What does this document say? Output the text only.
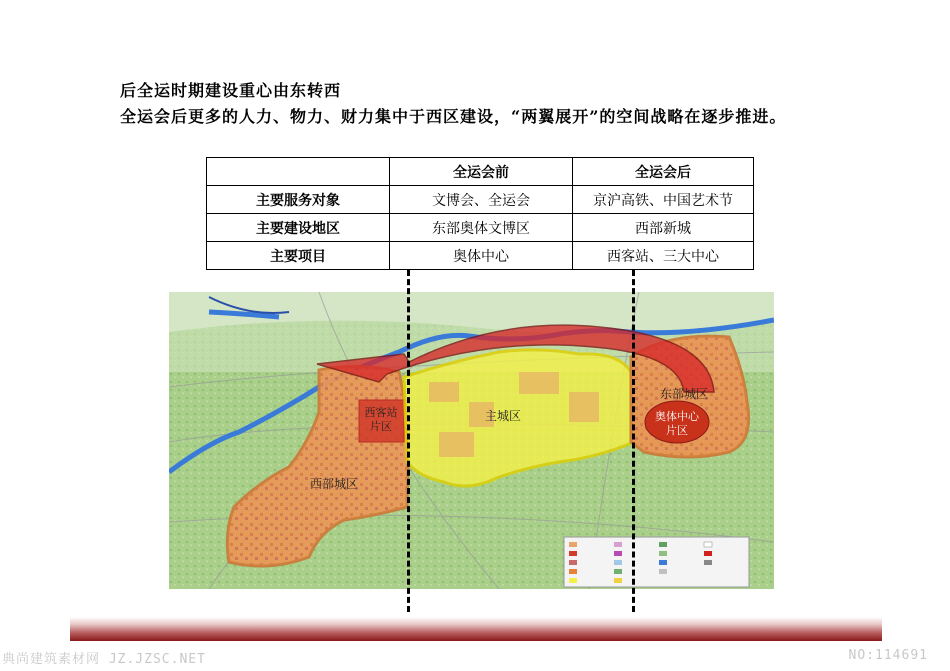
后全运时期建设重心由东转西
全运会后更多的人力、物力、财力集中于西区建设，“两翼展开”的空间战略在逐步推进。
	全运会前	全运会后
主要服务对象	文博会、全运会	京沪高铁、中国艺术节
主要建设地区	东部奥体文博区	西部新城
主要项目	奥体中心	西客站、三大中心
西客站
片区
主城区
西部城区
东部城区
奥体中心
片区
典尚建筑素材网 JZ.JZSC.NET	NO:114691
